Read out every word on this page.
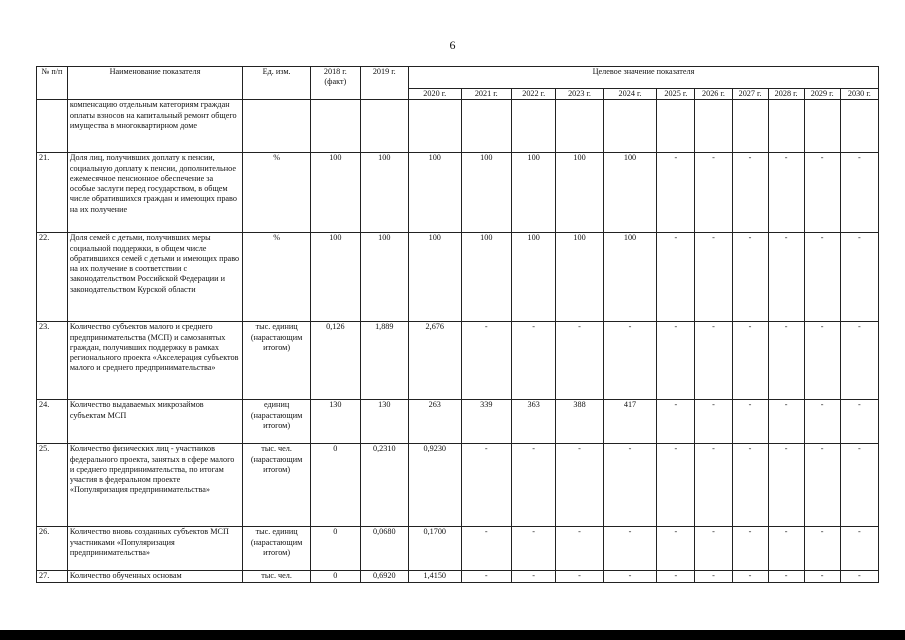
6
№ п/п	Наименование показателя	Ед. изм.	2018 г. (факт)	2019 г.	Целевое значение показателя										
					2020 г.	2021 г.	2022 г.	2023 г.	2024 г.	2025 г.	2026 г.	2027 г.	2028 г.	2029 г.	2030 г.
	компенсацию отдельным категориям граждан оплаты взносов на капитальный ремонт общего имущества в многоквартирном доме														
21.	Доля лиц, получивших доплату к пенсии, социальную доплату к пенсии, дополнительное ежемесячное пенсионное обеспечение за особые заслуги перед государством, в общем числе обратившихся граждан и имеющих право на их получение	%	100	100	100	100	100	100	100	-	-	-	-	-	-
22.	Доля семей с детьми, получивших меры социальной поддержки, в общем числе обратившихся семей с детьми и имеющих право на их получение в соответствии с законодательством Российской Федерации и законодательством Курской области	%	100	100	100	100	100	100	100	-	-	-	-	-	-
23.	Количество субъектов малого и среднего предпринимательства (МСП) и самозанятых граждан, получивших поддержку в рамках регионального проекта «Акселерация субъектов малого и среднего предпринимательства»	тыс. единиц (нарастающим итогом)	0,126	1,889	2,676	-	-	-	-	-	-	-	-	-	-
24.	Количество выдаваемых микрозаймов субъектам МСП	единиц (нарастающим итогом)	130	130	263	339	363	388	417	-	-	-	-	-	-
25.	Количество физических лиц - участников федерального проекта, занятых в сфере малого и среднего предпринимательства, по итогам участия в федеральном проекте «Популяризация предпринимательства»	тыс. чел. (нарастающим итогом)	0	0,2310	0,9230	-	-	-	-	-	-	-	-	-	-
26.	Количество вновь созданных субъектов МСП участниками «Популяризация предпринимательства»	тыс. единиц (нарастающим итогом)	0	0,0680	0,1700	-	-	-	-	-	-	-	-	-	-
27.	Количество обученных основам	тыс. чел.	0	0,6920	1,4150	-	-	-	-	-	-	-	-	-	-
